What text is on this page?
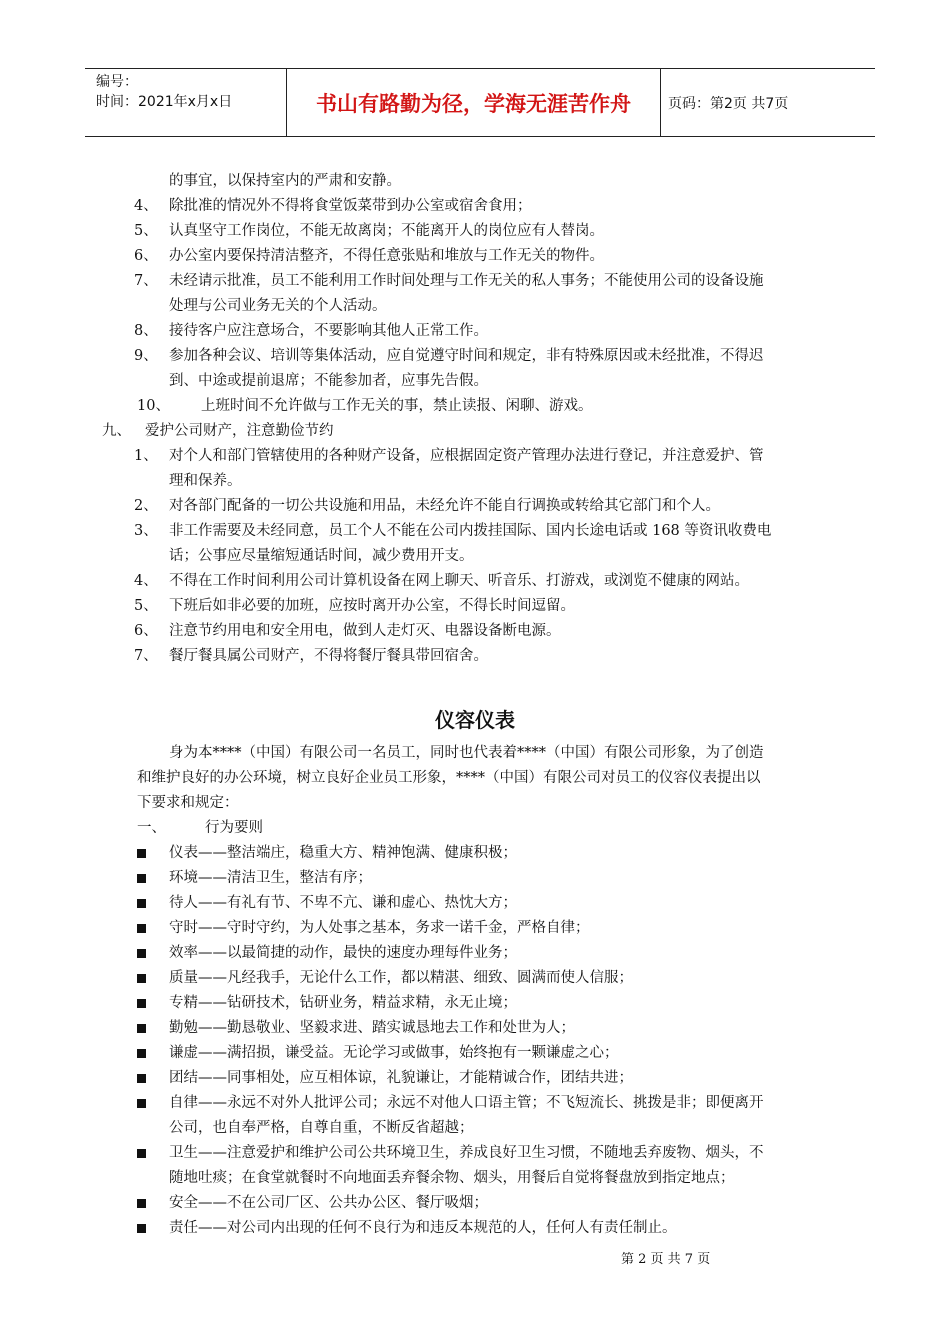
编号：
时间：2021年x月x日	书山有路勤为径，学海无涯苦作舟	页码：第2页 共7页
的事宜，以保持室内的严肃和安静。
4、 除批准的情况外不得将食堂饭菜带到办公室或宿舍食用；
5、 认真坚守工作岗位，不能无故离岗；不能离开人的岗位应有人替岗。
6、 办公室内要保持清洁整齐，不得任意张贴和堆放与工作无关的物件。
7、 未经请示批准，员工不能利用工作时间处理与工作无关的私人事务；不能使用公司的设备设施
处理与公司业务无关的个人活动。
8、 接待客户应注意场合，不要影响其他人正常工作。
9、 参加各种会议、培训等集体活动，应自觉遵守时间和规定，非有特殊原因或未经批准，不得迟
到、中途或提前退席；不能参加者，应事先告假。
10、 上班时间不允许做与工作无关的事，禁止读报、闲聊、游戏。
九、 爱护公司财产，注意勤俭节约
1、 对个人和部门管辖使用的各种财产设备，应根据固定资产管理办法进行登记，并注意爱护、管
理和保养。
2、 对各部门配备的一切公共设施和用品，未经允许不能自行调换或转给其它部门和个人。
3、 非工作需要及未经同意，员工个人不能在公司内拨挂国际、国内长途电话或 168 等资讯收费电
话；公事应尽量缩短通话时间，减少费用开支。
4、 不得在工作时间利用公司计算机设备在网上聊天、听音乐、打游戏，或浏览不健康的网站。
5、 下班后如非必要的加班，应按时离开办公室，不得长时间逗留。
6、 注意节约用电和安全用电，做到人走灯灭、电器设备断电源。
7、 餐厅餐具属公司财产，不得将餐厅餐具带回宿舍。
身为本****（中国）有限公司一名员工，同时也代表着****（中国）有限公司形象，为了创造
和维护良好的办公环境，树立良好企业员工形象，****（中国）有限公司对员工的仪容仪表提出以
下要求和规定：
一、	行为要则
仪表——整洁端庄，稳重大方、精神饱满、健康积极；
环境——清洁卫生，整洁有序；
待人——有礼有节、不卑不亢、谦和虚心、热忱大方；
守时——守时守约，为人处事之基本，务求一诺千金，严格自律；
效率——以最简捷的动作，最快的速度办理每件业务；
质量——凡经我手，无论什么工作，都以精湛、细致、圆满而使人信服；
专精——钻研技术，钻研业务，精益求精，永无止境；
勤勉——勤恳敬业、坚毅求进、踏实诚恳地去工作和处世为人；
谦虚——满招损，谦受益。无论学习或做事，始终抱有一颗谦虚之心；
团结——同事相处，应互相体谅，礼貌谦让，才能精诚合作，团结共进；
自律——永远不对外人批评公司；永远不对他人口语主管；不飞短流长、挑拨是非；即便离开
公司，也自奉严格，自尊自重，不断反省超越；
卫生——注意爱护和维护公司公共环境卫生，养成良好卫生习惯，不随地丢弃废物、烟头，不
随地吐痰；在食堂就餐时不向地面丢弃餐余物、烟头，用餐后自觉将餐盘放到指定地点；
安全——不在公司厂区、公共办公区、餐厅吸烟；
责任——对公司内出现的任何不良行为和违反本规范的人，任何人有责任制止。
仪容仪表
第 2 页 共 7 页
